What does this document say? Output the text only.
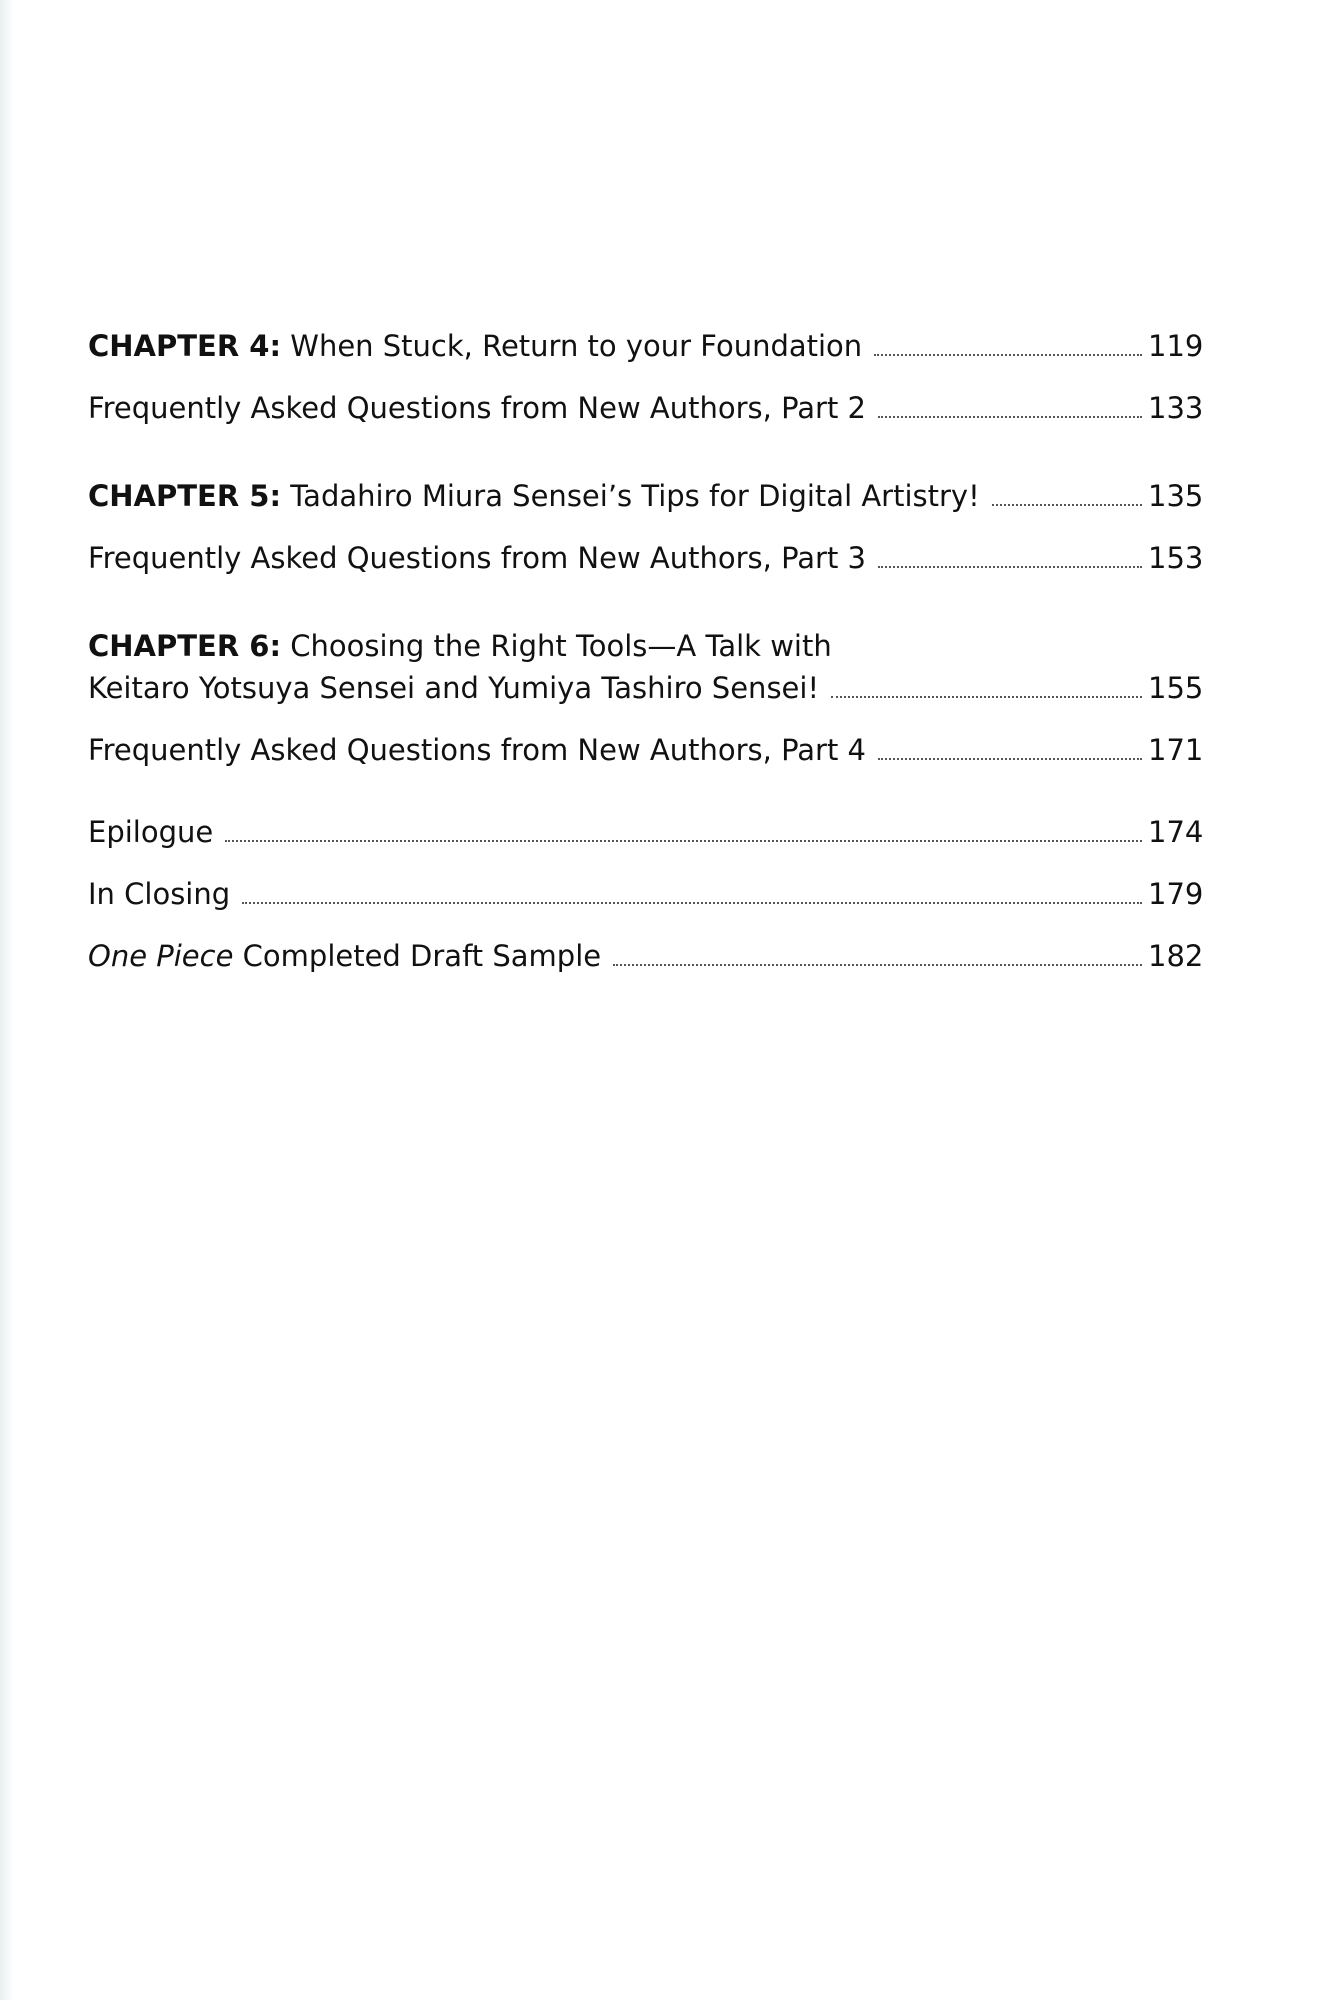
CHAPTER 4: When Stuck, Return to your Foundation	119
Frequently Asked Questions from New Authors, Part 2	133
CHAPTER 5: Tadahiro Miura Sensei’s Tips for Digital Artistry!	135
Frequently Asked Questions from New Authors, Part 3	153
CHAPTER 6: Choosing the Right Tools—A Talk with
Keitaro Yotsuya Sensei and Yumiya Tashiro Sensei!	155
Frequently Asked Questions from New Authors, Part 4	171
Epilogue	174
In Closing	179
One Piece Completed Draft Sample	182
